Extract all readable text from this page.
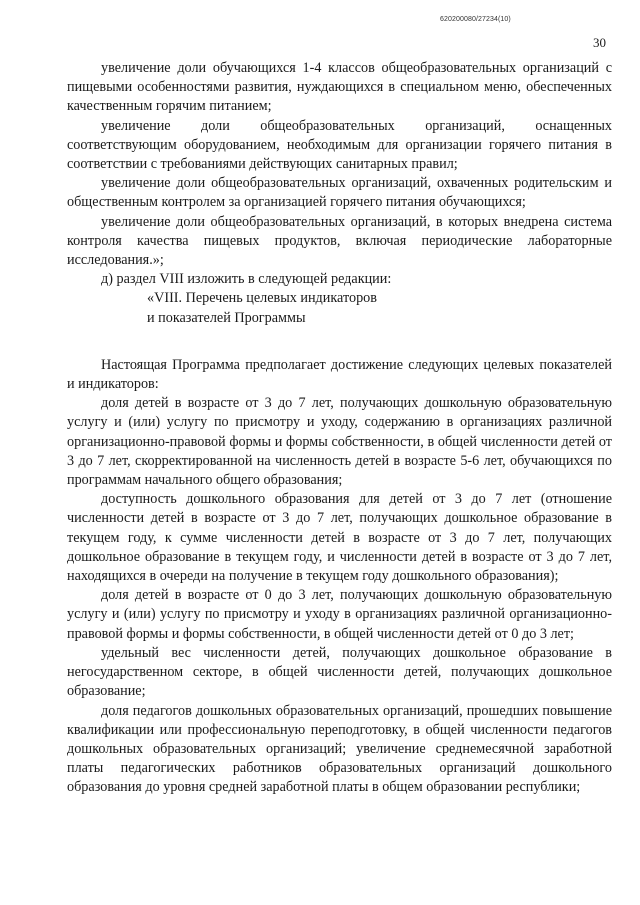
620200080/27234(10)
30

увеличение доли обучающихся 1-4 классов общеобразовательных организаций с пищевыми особенностями развития, нуждающихся в специальном меню, обеспеченных качественным горячим питанием;

увеличение доли общеобразовательных организаций, оснащенных соответствующим оборудованием, необходимым для организации горячего питания в соответствии с требованиями действующих санитарных правил;

увеличение доли общеобразовательных организаций, охваченных родительским и общественным контролем за организацией горячего питания обучающихся;

увеличение доли общеобразовательных организаций, в которых внедрена система контроля качества пищевых продуктов, включая периодические лабораторные исследования.»;

д) раздел VIII изложить в следующей редакции:

«VIII. Перечень целевых индикаторов

и показателей Программы

Настоящая Программа предполагает достижение следующих целевых показателей и индикаторов:

доля детей в возрасте от 3 до 7 лет, получающих дошкольную образовательную услугу и (или) услугу по присмотру и уходу, содержанию в организациях различной организационно-правовой формы и формы собственности, в общей численности детей от 3 до 7 лет, скорректированной на численность детей в возрасте 5-6 лет, обучающихся по программам начального общего образования;

доступность дошкольного образования для детей от 3 до 7 лет (отношение численности детей в возрасте от 3 до 7 лет, получающих дошкольное образование в текущем году, к сумме численности детей в возрасте от 3 до 7 лет, получающих дошкольное образование в текущем году, и численности детей в возрасте от 3 до 7 лет, находящихся в очереди на получение в текущем году дошкольного образования);

доля детей в возрасте от 0 до 3 лет, получающих дошкольную образовательную услугу и (или) услугу по присмотру и уходу в организациях различной организационно-правовой формы и формы собственности, в общей численности детей от 0 до 3 лет;

удельный вес численности детей, получающих дошкольное образование в негосударственном секторе, в общей численности детей, получающих дошкольное образование;

доля педагогов дошкольных образовательных организаций, прошедших повышение квалификации или профессиональную переподготовку, в общей численности педагогов дошкольных образовательных организаций; увеличение среднемесячной заработной платы педагогических работников образовательных организаций дошкольного образования до уровня средней заработной платы в общем образовании республики;
